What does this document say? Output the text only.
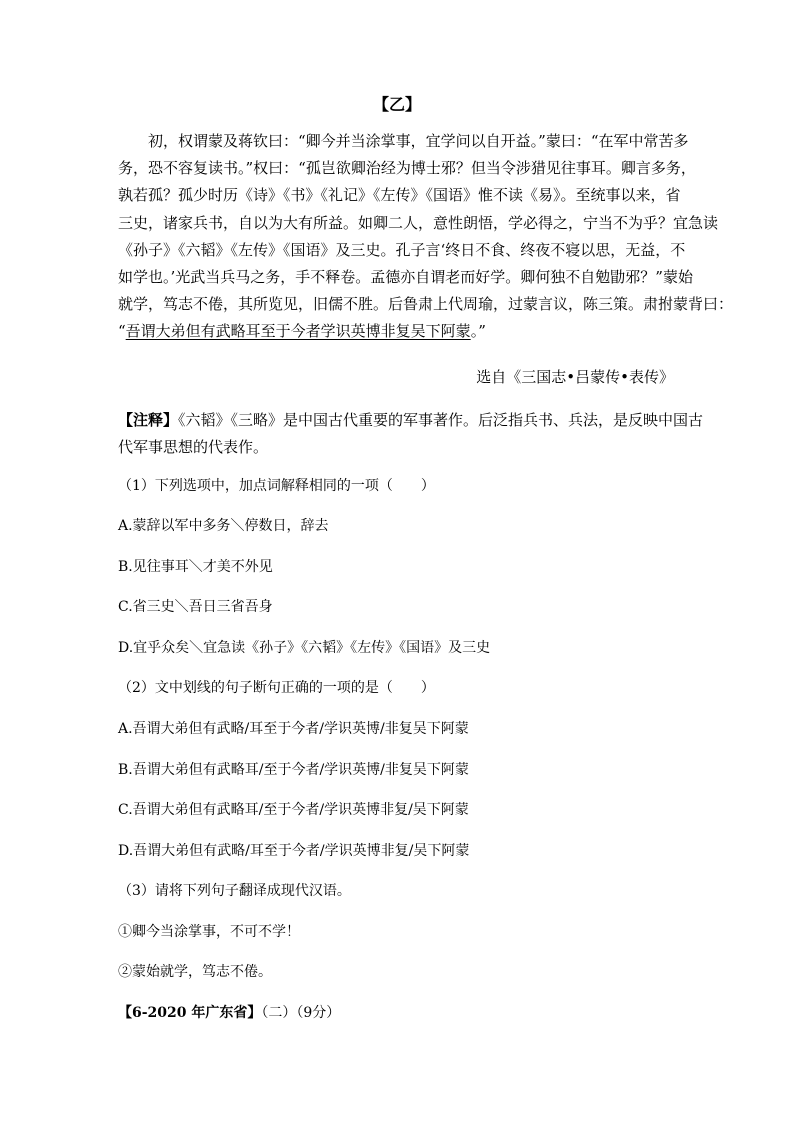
【乙】
初，权谓蒙及蒋钦曰：“卿今并当涂掌事，宜学问以自开益。”蒙曰：“在军中常苦多
务，恐不容复读书。”权曰：“孤岂欲卿治经为博士邪？但当令涉猎见往事耳。卿言多务，
孰若孤？孤少时历《诗》《书》《礼记》《左传》《国语》惟不读《易》。至统事以来，省
三史，诸家兵书，自以为大有所益。如卿二人，意性朗悟，学必得之，宁当不为乎？宜急读
《孙子》《六韬》《左传》《国语》及三史。孔子言‘终日不食、终夜不寝以思，无益，不
如学也。’光武当兵马之务，手不释卷。孟德亦自谓老而好学。卿何独不自勉勖邪？”蒙始
就学，笃志不倦，其所览见，旧儒不胜。后鲁肃上代周瑜，过蒙言议，陈三策。肃拊蒙背曰：
“吾谓大弟但有武略耳至于今者学识英博非复吴下阿蒙。”
选自《三国志•吕蒙传•表传》
【注释】《六韬》《三略》是中国古代重要的军事著作。后泛指兵书、兵法，是反映中国古
代军事思想的代表作。
（1）下列选项中，加点词解释相同的一项（　　）
A.蒙辞以军中多务＼停数日，辞去
B.见往事耳＼才美不外见
C.省三史＼吾日三省吾身
D.宜乎众矣＼宜急读《孙子》《六韬》《左传》《国语》及三史
（2）文中划线的句子断句正确的一项的是（　　）
A.吾谓大弟但有武略/耳至于今者/学识英博/非复吴下阿蒙
B.吾谓大弟但有武略耳/至于今者/学识英博/非复吴下阿蒙
C.吾谓大弟但有武略耳/至于今者/学识英博非复/吴下阿蒙
D.吾谓大弟但有武略/耳至于今者/学识英博非复/吴下阿蒙
（3）请将下列句子翻译成现代汉语。
①卿今当涂掌事，不可不学！
②蒙始就学，笃志不倦。
【6-2020 年广东省】（二）（9分）
